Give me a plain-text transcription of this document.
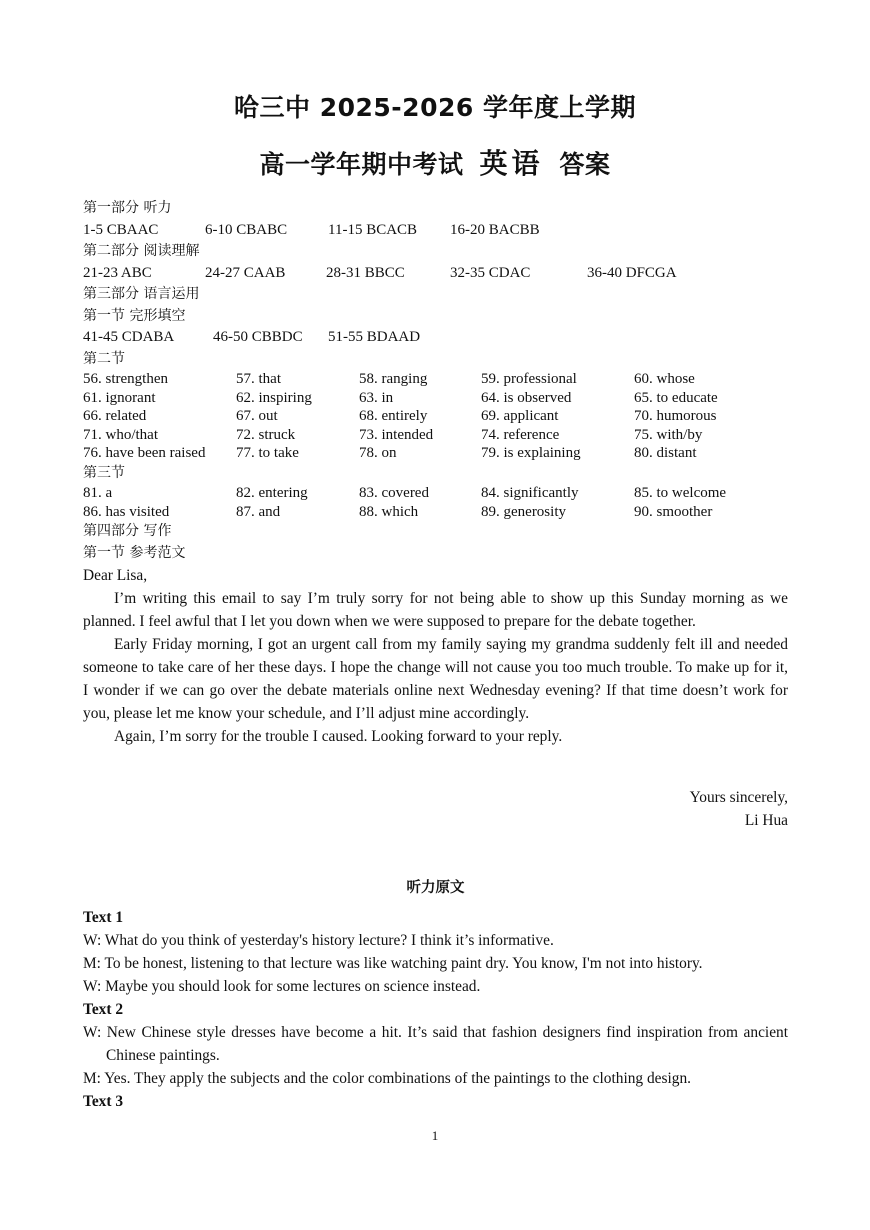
哈三中 2025-2026 学年度上学期
高一学年期中考试 英语 答案
第一部分 听力
1-5 CBAAC	6-10 CBABC	11-15 BCACB	16-20 BACBB
第二部分 阅读理解
21-23 ABC	24-27 CAAB	28-31 BBCC	32-35 CDAC	36-40 DFCGA
第三部分 语言运用
第一节 完形填空
41-45 CDABA	46-50 CBBDC	51-55 BDAAD
第二节
56. strengthen	57. that	58. ranging	59. professional	60. whose
61. ignorant	62. inspiring	63. in	64. is observed	65. to educate
66. related	67. out	68. entirely	69. applicant	70. humorous
71. who/that	72. struck	73. intended	74. reference	75. with/by
76. have been raised	77. to take	78. on	79. is explaining	80. distant
第三节
81. a	82. entering	83. covered	84. significantly	85. to welcome
86. has visited	87. and	88. which	89. generosity	90. smoother
第四部分 写作
第一节 参考范文

Dear Lisa,

I’m writing this email to say I’m truly sorry for not being able to show up this Sunday morning as we planned. I feel awful that I let you down when we were supposed to prepare for the debate together.

Early Friday morning, I got an urgent call from my family saying my grandma suddenly felt ill and needed someone to take care of her these days. I hope the change will not cause you too much trouble. To make up for it, I wonder if we can go over the debate materials online next Wednesday evening? If that time doesn’t work for you, please let me know your schedule, and I’ll adjust mine accordingly.

Again, I’m sorry for the trouble I caused. Looking forward to your reply.

Yours sincerely,
Li Hua
听力原文
Text 1

W: What do you think of yesterday's history lecture? I think it’s informative.

M: To be honest, listening to that lecture was like watching paint dry. You know, I'm not into history.

W: Maybe you should look for some lectures on science instead.

Text 2

W: New Chinese style dresses have become a hit. It’s said that fashion designers find inspiration from ancient Chinese paintings.

M: Yes. They apply the subjects and the color combinations of the paintings to the clothing design.

Text 3
1
